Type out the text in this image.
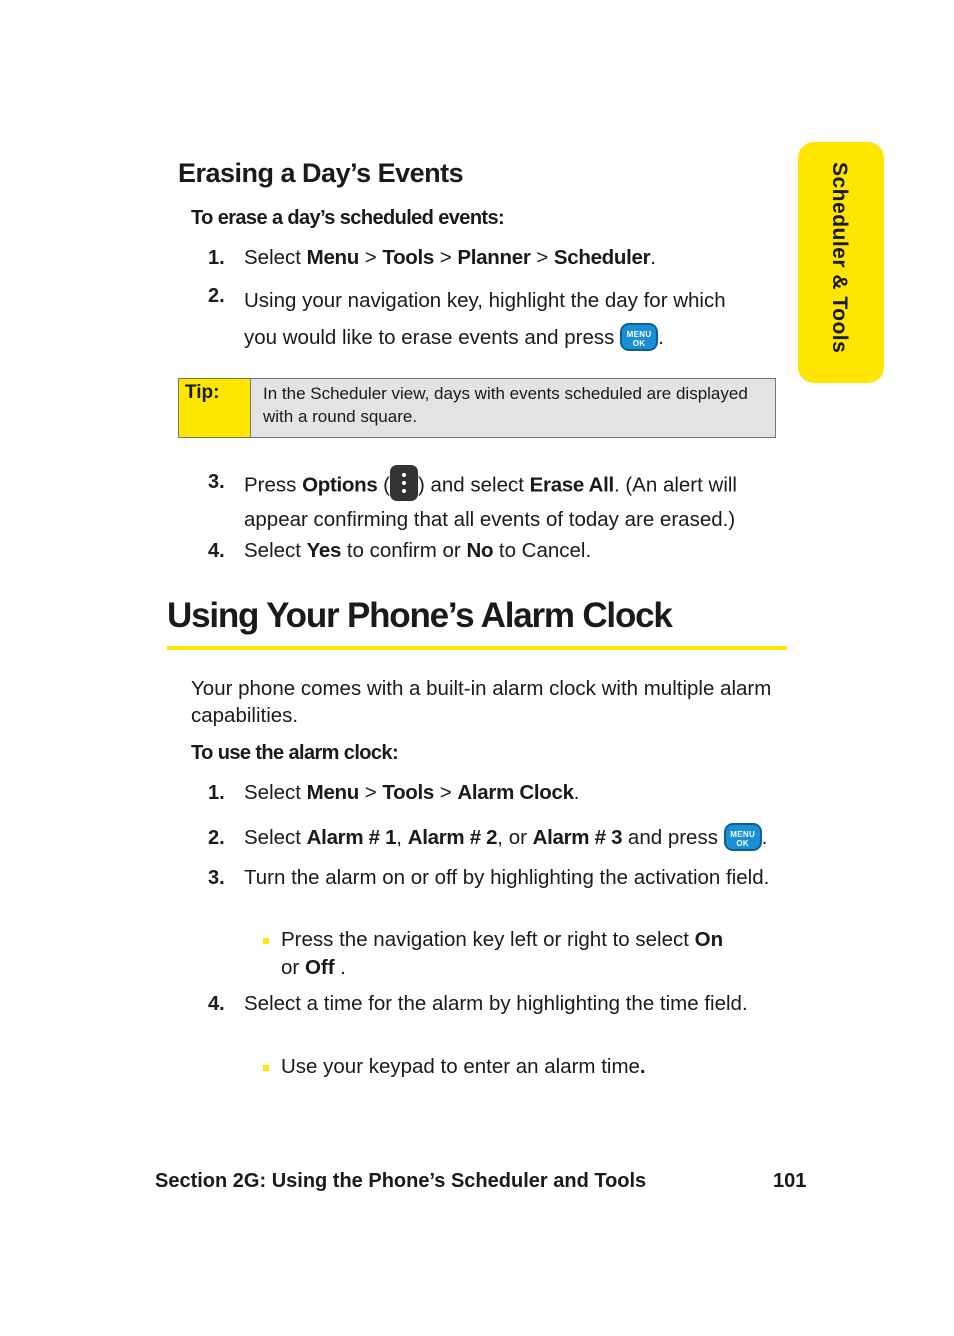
Scheduler & Tools
Erasing a Day’s Events
To erase a day’s scheduled events:
1. Select Menu > Tools > Planner > Scheduler.
2. Using your navigation key, highlight the day for which
you would like to erase events and press	MENU
OK .
Tip:	In the Scheduler view, days with events scheduled are displayed with a round square.
3. Press Options ( ) and select Erase All. (An alert will
appear confirming that all events of today are erased.)
4. Select Yes to confirm or No to Cancel.
Using Your Phone’s Alarm Clock
Your phone comes with a built-in alarm clock with multiple alarm capabilities.
To use the alarm clock:
1. Select Menu > Tools > Alarm Clock.
2. Select Alarm # 1, Alarm # 2, or Alarm # 3 and press MENU
OK .
3. Turn the alarm on or off by highlighting the activation field.
Press the navigation key left or right to select On
or Off .
4. Select a time for the alarm by highlighting the time field.
Use your keypad to enter an alarm time.
Section 2G: Using the Phone’s Scheduler and Tools	101
